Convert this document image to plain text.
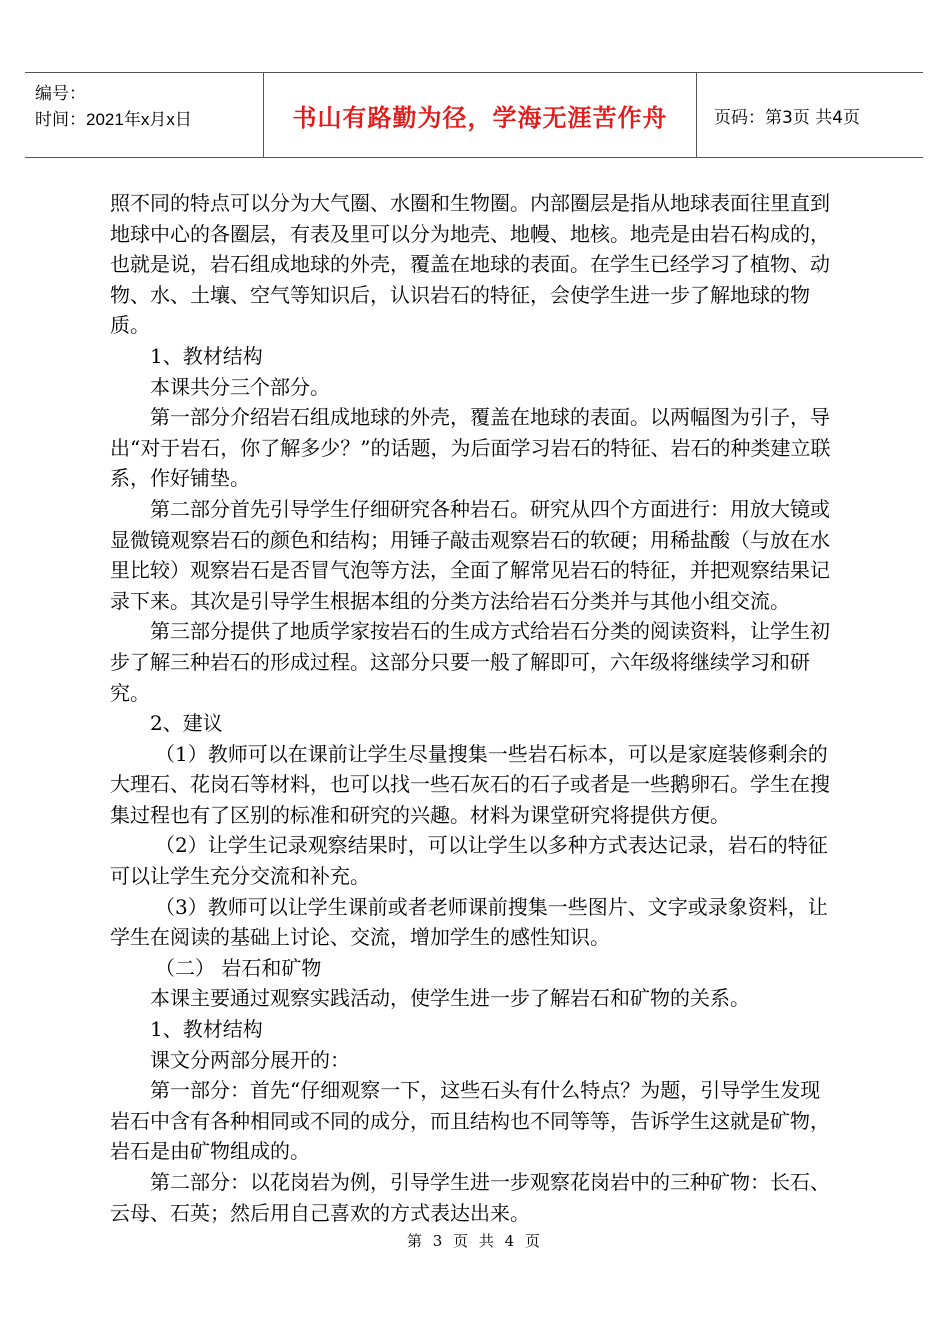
编号：
时间：2021年x月x日	书山有路勤为径，学海无涯苦作舟	页码：第3页 共4页

照不同的特点可以分为大气圈、水圈和生物圈。内部圈层是指从地球表面往里直到地球中心的各圈层，有表及里可以分为地壳、地幔、地核。地壳是由岩石构成的，也就是说，岩石组成地球的外壳，覆盖在地球的表面。在学生已经学习了植物、动物、水、土壤、空气等知识后，认识岩石的特征，会使学生进一步了解地球的物质。

1、教材结构

本课共分三个部分。

第一部分介绍岩石组成地球的外壳，覆盖在地球的表面。以两幅图为引子，导出“对于岩石，你了解多少？”的话题，为后面学习岩石的特征、岩石的种类建立联系，作好铺垫。

第二部分首先引导学生仔细研究各种岩石。研究从四个方面进行：用放大镜或显微镜观察岩石的颜色和结构；用锤子敲击观察岩石的软硬；用稀盐酸（与放在水里比较）观察岩石是否冒气泡等方法，全面了解常见岩石的特征，并把观察结果记录下来。其次是引导学生根据本组的分类方法给岩石分类并与其他小组交流。

第三部分提供了地质学家按岩石的生成方式给岩石分类的阅读资料，让学生初步了解三种岩石的形成过程。这部分只要一般了解即可，六年级将继续学习和研究。

2、建议

（1）教师可以在课前让学生尽量搜集一些岩石标本，可以是家庭装修剩余的大理石、花岗石等材料，也可以找一些石灰石的石子或者是一些鹅卵石。学生在搜集过程也有了区别的标准和研究的兴趣。材料为课堂研究将提供方便。

（2）让学生记录观察结果时，可以让学生以多种方式表达记录，岩石的特征可以让学生充分交流和补充。

（3）教师可以让学生课前或者老师课前搜集一些图片、文字或录象资料，让学生在阅读的基础上讨论、交流，增加学生的感性知识。

（二） 岩石和矿物

本课主要通过观察实践活动，使学生进一步了解岩石和矿物的关系。

1、教材结构

课文分两部分展开的：

第一部分：首先“仔细观察一下，这些石头有什么特点？为题，引导学生发现岩石中含有各种相同或不同的成分，而且结构也不同等等，告诉学生这就是矿物，岩石是由矿物组成的。

第二部分：以花岗岩为例，引导学生进一步观察花岗岩中的三种矿物：长石、云母、石英；然后用自己喜欢的方式表达出来。

第 3 页 共 4 页
